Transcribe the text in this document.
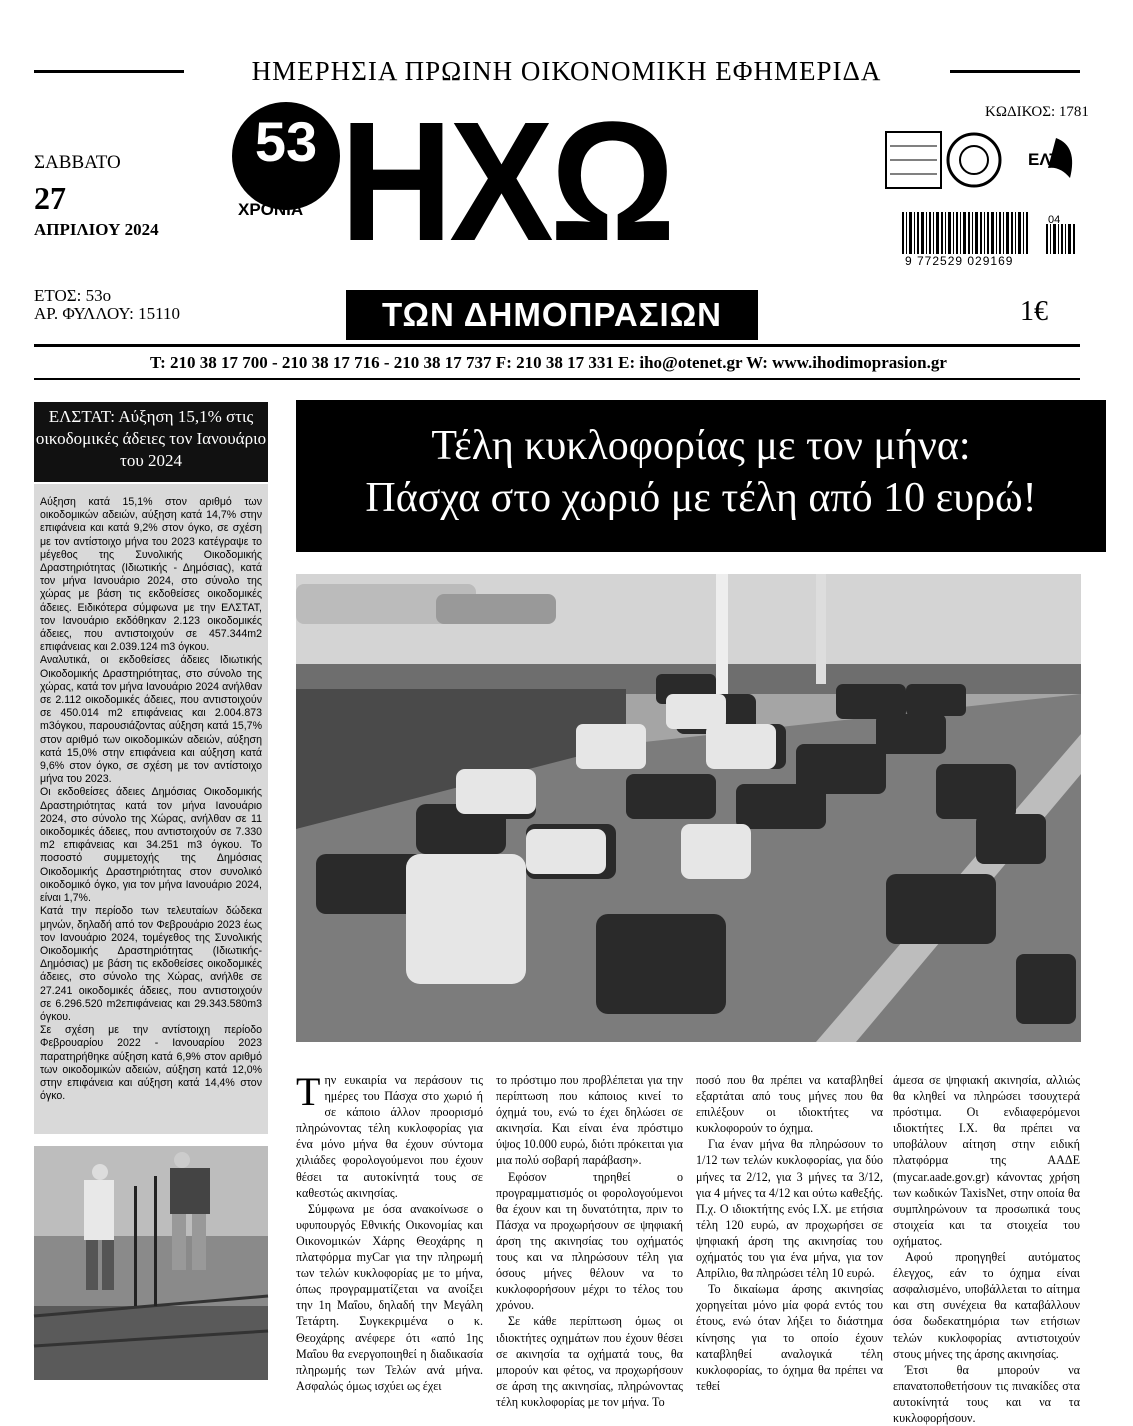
ΗΜΕΡΗΣΙΑ ΠΡΩΙΝΗ ΟΙΚΟΝΟΜΙΚΗ ΕΦΗΜΕΡΙΔΑ
ΣΑΒΒΑΤΟ
27
ΑΠΡΙΛΙΟΥ 2024
ΕΤΟΣ: 53ο
ΑΡ. ΦΥΛΛΟΥ: 15110
53
ΧΡΟΝΙΑ ΗΧΩ
ΤΩΝ ΔΗΜΟΠΡΑΣΙΩΝ
ΚΩΔΙΚΟΣ: 1781
ΕΛΤΑ
9 772529 029169
04
1€
T: 210 38 17 700 - 210 38 17 716 - 210 38 17 737 F: 210 38 17 331 E: iho@otenet.gr W: www.ihodimoprasion.gr
ΕΛΣΤΑΤ: Αύξηση 15,1% στις οικοδομικές άδειες τον Ιανουάριο του 2024

Αύξηση κατά 15,1% στον αριθμό των οικοδομικών αδειών, αύξηση κατά 14,7% στην επιφάνεια και κατά 9,2% στον όγκο, σε σχέση με τον αντίστοιχο μήνα του 2023 κατέγραψε το μέγεθος της Συνολικής Οικοδομικής Δραστηριότητας (Ιδιωτικής - Δημόσιας), κατά τον μήνα Ιανουάριο 2024, στο σύνολο της χώρας με βάση τις εκδοθείσες οικοδομικές άδειες. Ειδικότερα σύμφωνα με την ΕΛΣΤΑΤ, τον Ιανουάριο εκδόθηκαν 2.123 οικοδομικές άδειες, που αντιστοιχούν σε 457.344m2 επιφάνειας και 2.039.124 m3 όγκου.

Αναλυτικά, οι εκδοθείσες άδειες Ιδιωτικής Οικοδομικής Δραστηριότητας, στο σύνολο της χώρας, κατά τον μήνα Ιανουάριο 2024 ανήλθαν σε 2.112 οικοδομικές άδειες, που αντιστοιχούν σε 450.014 m2 επιφάνειας και 2.004.873 m3όγκου, παρουσιάζοντας αύξηση κατά 15,7% στον αριθμό των οικοδομικών αδειών, αύξηση κατά 15,0% στην επιφάνεια και αύξηση κατά 9,6% στον όγκο, σε σχέση με τον αντίστοιχο μήνα του 2023.

Οι εκδοθείσες άδειες Δημόσιας Οικοδομικής Δραστηριότητας κατά τον μήνα Ιανουάριο 2024, στο σύνολο της Χώρας, ανήλθαν σε 11 οικοδομικές άδειες, που αντιστοιχούν σε 7.330 m2 επιφάνειας και 34.251 m3 όγκου. Το ποσοστό συμμετοχής της Δημόσιας Οικοδομικής Δραστηριότητας στον συνολικό οικοδομικό όγκο, για τον μήνα Ιανουάριο 2024, είναι 1,7%.

Κατά την περίοδο των τελευταίων δώδεκα μηνών, δηλαδή από τον Φεβρουάριο 2023 έως τον Ιανουάριο 2024, τομέγεθος της Συνολικής Οικοδομικής Δραστηριότητας (Ιδιωτικής-Δημόσιας) με βάση τις εκδοθείσες οικοδομικές άδειες, στο σύνολο της Χώρας, ανήλθε σε 27.241 οικοδομικές άδειες, που αντιστοιχούν σε 6.296.520 m2επιφάνειας και 29.343.580m3 όγκου.

Σε σχέση με την αντίστοιχη περίοδο Φεβρουαρίου 2022 - Ιανουαρίου 2023 παρατηρήθηκε αύξηση κατά 6,9% στον αριθμό των οικοδομικών αδειών, αύξηση κατά 12,0% στην επιφάνεια και αύξηση κατά 14,4% στον όγκο.

Τέλη κυκλοφορίας με τον μήνα:
Πάσχα στο χωριό με τέλη από 10 ευρώ!
Τ ην ευκαιρία να περάσουν τις ημέρες του Πάσχα στο χωριό ή σε κάποιο άλλον προορισμό πληρώνοντας τέλη κυκλοφορίας για ένα μόνο μήνα θα έχουν σύντομα χιλιάδες φορολογούμενοι που έχουν θέσει τα αυτοκίνητά τους σε καθεστώς ακινησίας.

Σύμφωνα με όσα ανακοίνωσε ο υφυπουργός Εθνικής Οικονομίας και Οικονομικών Χάρης Θεοχάρης η πλατφόρμα myCar για την πληρωμή των τελών κυκλοφορίας με το μήνα, όπως προγραμματίζεται να ανοίξει την 1η Μαΐου, δηλαδή την Μεγάλη Τετάρτη. Συγκεκριμένα ο κ. Θεοχάρης ανέφερε ότι «από 1ης Μαΐου θα ενεργοποιηθεί η διαδικασία πληρωμής των Τελών ανά μήνα. Ασφαλώς όμως ισχύει ως έχει

το πρόστιμο που προβλέπεται για την περίπτωση που κάποιος κινεί το όχημά του, ενώ το έχει δηλώσει σε ακινησία. Και είναι ένα πρόστιμο ύψος 10.000 ευρώ, διότι πρόκειται για μια πολύ σοβαρή παράβαση».

Εφόσον τηρηθεί ο προγραμματισμός οι φορολογούμενοι θα έχουν και τη δυνατότητα, πριν το Πάσχα να προχωρήσουν σε ψηφιακή άρση της ακινησίας του οχήματός τους και να πληρώσουν τέλη για όσους μήνες θέλουν να το κυκλοφορήσουν μέχρι το τέλος του χρόνου.

Σε κάθε περίπτωση όμως οι ιδιοκτήτες οχημάτων που έχουν θέσει σε ακινησία τα οχήματά τους, θα μπορούν και φέτος, να προχωρήσουν σε άρση της ακινησίας, πληρώνοντας τέλη κυκλοφορίας με τον μήνα. Το

ποσό που θα πρέπει να καταβληθεί εξαρτάται από τους μήνες που θα επιλέξουν οι ιδιοκτήτες να κυκλοφορούν το όχημα.

Για έναν μήνα θα πληρώσουν το 1/12 των τελών κυκλοφορίας, για δύο μήνες τα 2/12, για 3 μήνες τα 3/12, για 4 μήνες τα 4/12 και ούτω καθεξής. Π.χ. Ο ιδιοκτήτης ενός Ι.Χ. με ετήσια τέλη 120 ευρώ, αν προχωρήσει σε ψηφιακή άρση της ακινησίας του οχήματός του για ένα μήνα, για τον Απρίλιο, θα πληρώσει τέλη 10 ευρώ.

Το δικαίωμα άρσης ακινησίας χορηγείται μόνο μία φορά εντός του έτους, ενώ όταν λήξει το διάστημα κίνησης για το οποίο έχουν καταβληθεί αναλογικά τέλη κυκλοφορίας, το όχημα θα πρέπει να τεθεί

άμεσα σε ψηφιακή ακινησία, αλλιώς θα κληθεί να πληρώσει τσουχτερά πρόστιμα. Οι ενδιαφερόμενοι ιδιοκτήτες Ι.Χ. θα πρέπει να υποβάλουν αίτηση στην ειδική πλατφόρμα της ΑΑΔΕ (mycar.aade.gov.gr) κάνοντας χρήση των κωδικών TaxisNet, στην οποία θα συμπληρώνουν τα προσωπικά τους στοιχεία και τα στοιχεία του οχήματος.

Αφού προηγηθεί αυτόματος έλεγχος, εάν το όχημα είναι ασφαλισμένο, υποβάλλεται το αίτημα και στη συνέχεια θα καταβάλλουν όσα δωδεκατημόρια των ετήσιων τελών κυκλοφορίας αντιστοιχούν στους μήνες της άρσης ακινησίας.

Έτσι θα μπορούν να επανατοποθετήσουν τις πινακίδες στα αυτοκίνητά τους και να τα κυκλοφορήσουν.
